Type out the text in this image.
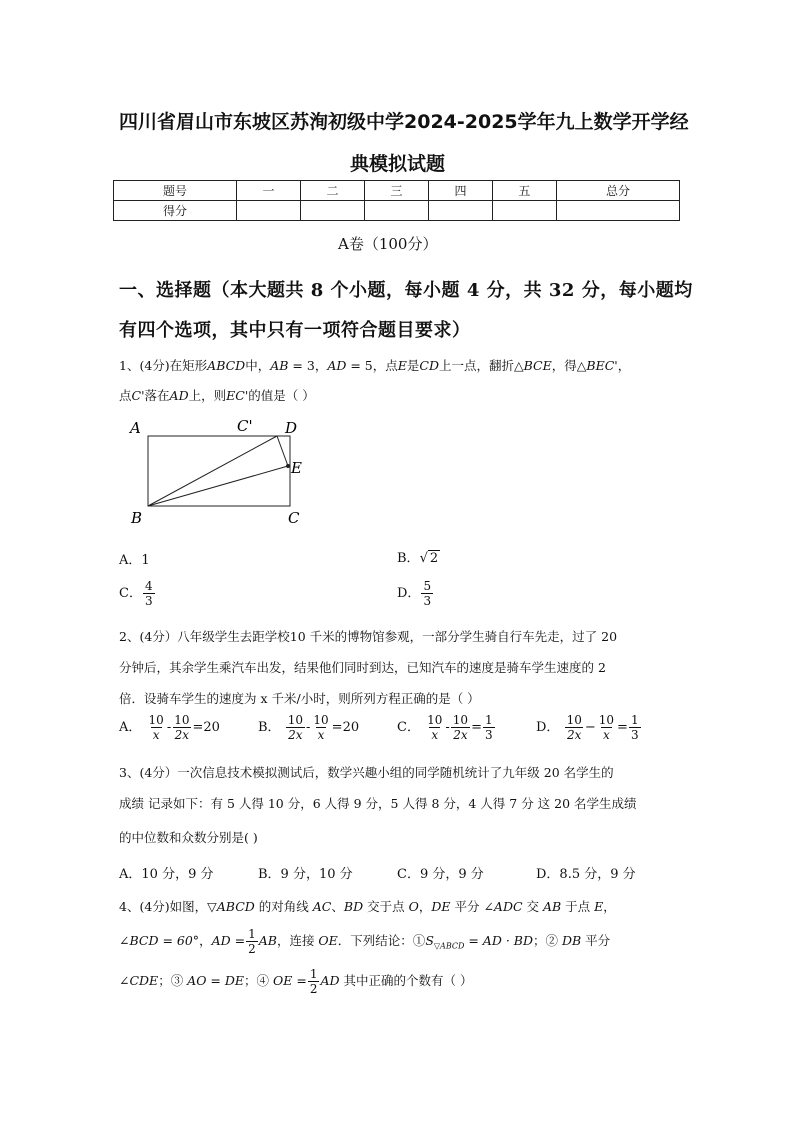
四川省眉山市东坡区苏洵初级中学2024-2025学年九上数学开学经
典模拟试题
题号	一	二	三	四	五	总分
得分						
A卷（100分）
一、选择题（本大题共 8 个小题，每小题 4 分，共 32 分，每小题均
有四个选项，其中只有一项符合题目要求）
1、(4分)在矩形ABCD中，AB = 3，AD = 5，点E是CD上一点，翻折△BCE，得△BEC'，
点C'落在AD上，则EC'的值是（ ）
A	C' D
E
B	C
A．1	B．√ 2
C． $\frac{4}{3}$	D． $\frac{5}{3}$
2、(4分）八年级学生去距学校10 千米的博物馆参观，一部分学生骑自行车先走，过了 20
分钟后，其余学生乘汽车出发，结果他们同时到达，已知汽车的速度是骑车学生速度的 2
倍．设骑车学生的速度为 x 千米/小时，则所列方程正确的是（ ）
A． $\frac{10}{x} - \frac{10}{2x} =20$	B． $\frac{10}{2x} - \frac{10}{x} =20$	C． $\frac{10}{x} - \frac{10}{2x} = \frac{1}{3}$	D． $\frac{10}{2x} - \frac{10}{x} = \frac{1}{3}$
3、(4分）一次信息技术模拟测试后，数学兴趣小组的同学随机统计了九年级 20 名学生的
成绩 记录如下：有 5 人得 10 分，6 人得 9 分，5 人得 8 分，4 人得 7 分 这 20 名学生成绩
的中位数和众数分别是( )
A．10 分，9 分	B．9 分，10 分	C．9 分，9 分	D．8.5 分，9 分
4、(4分)如图，▽ABCD 的对角线 AC、BD 交于点 O，DE 平分 ∠ADC 交 AB 于点 E，
∠BCD = 60°，AD = $\frac{1}{2}$ AB，连接 OE．下列结论：$①S_{▽ABCD}$ = AD · BD；② DB 平分
∠CDE；③ AO = DE；④ OE = $\frac{1}{2}$ AD 其中正确的个数有（ ）
